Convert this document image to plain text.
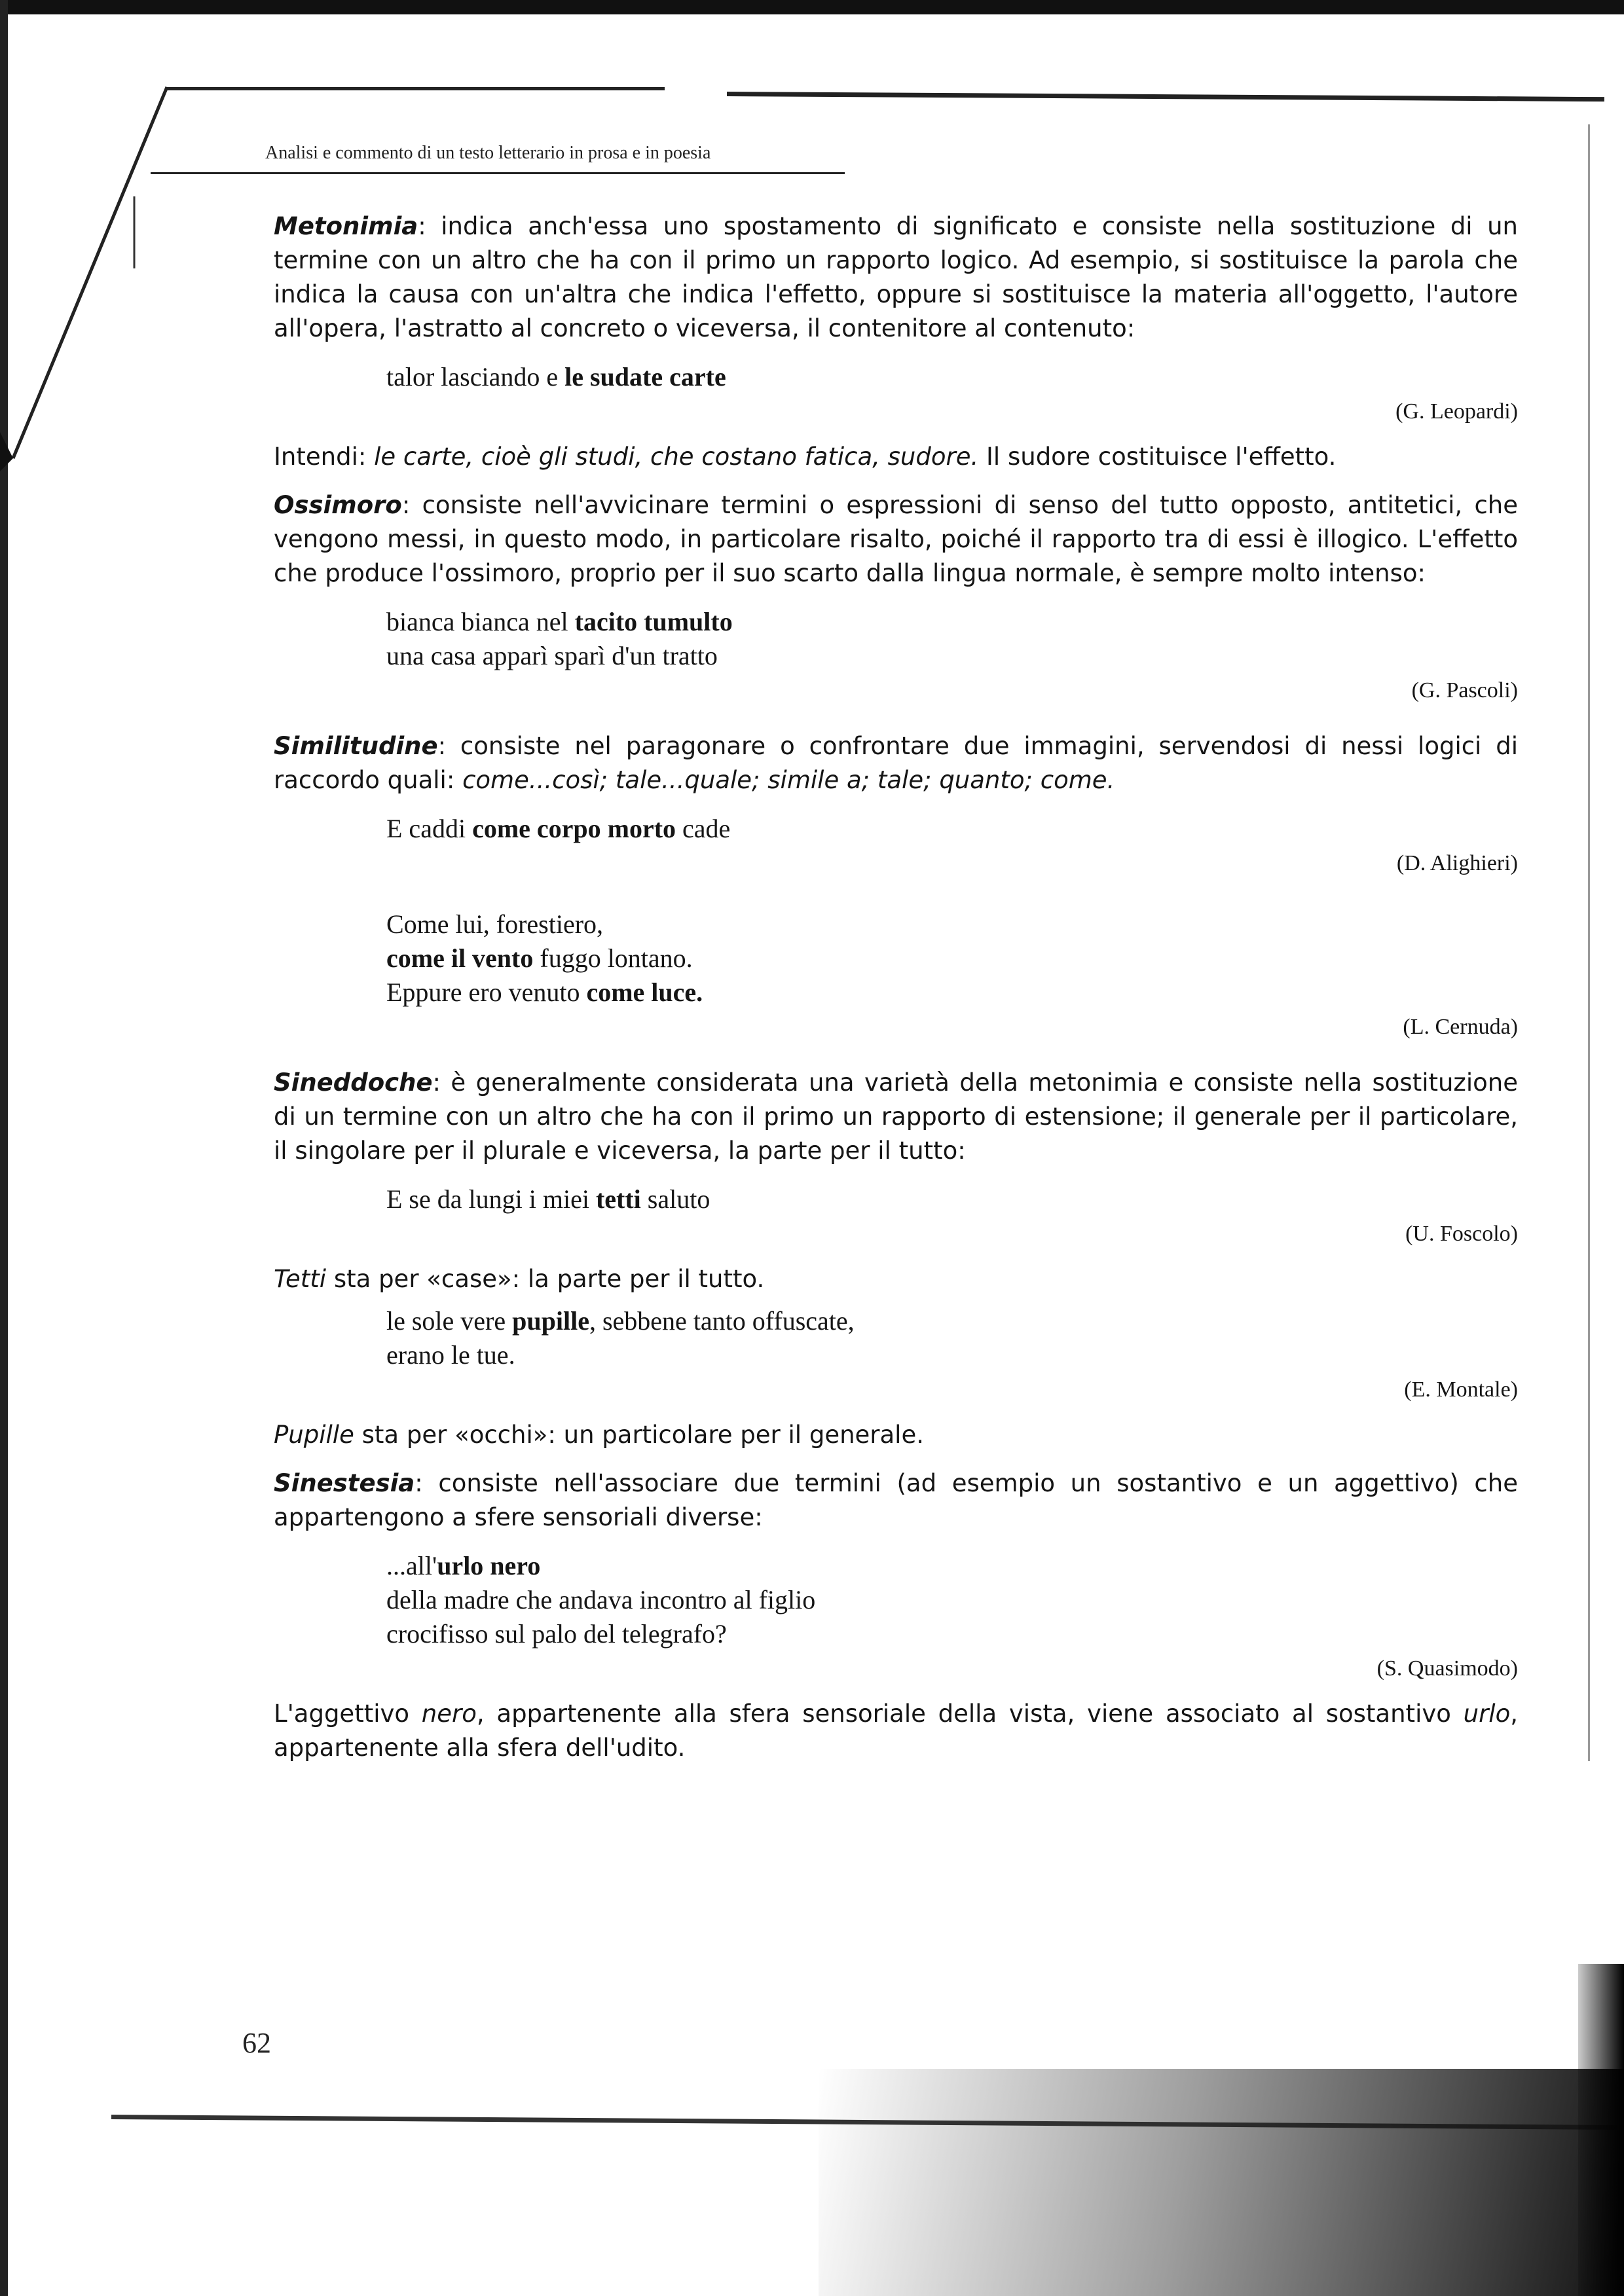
Analisi e commento di un testo letterario in prosa e in poesia

Metonimia: indica anch'essa uno spostamento di significato e consiste nella sostituzione di un termine con un altro che ha con il primo un rapporto logico. Ad esempio, si sostituisce la parola che indica la causa con un'altra che indica l'effetto, oppure si sostituisce la materia all'oggetto, l'autore all'opera, l'astratto al concreto o viceversa, il contenitore al contenuto:

talor lasciando e le sudate carte
(G. Leopardi)

Intendi: le carte, cioè gli studi, che costano fatica, sudore. Il sudore costituisce l'effetto.

Ossimoro: consiste nell'avvicinare termini o espressioni di senso del tutto opposto, antitetici, che vengono messi, in questo modo, in particolare risalto, poiché il rapporto tra di essi è illogico. L'effetto che produce l'ossimoro, proprio per il suo scarto dalla lingua normale, è sempre molto intenso:

bianca bianca nel tacito tumulto
una casa apparì sparì d'un tratto
(G. Pascoli)

Similitudine: consiste nel paragonare o confrontare due immagini, servendosi di nessi logici di raccordo quali: come...così; tale...quale; simile a; tale; quanto; come.

E caddi come corpo morto cade
(D. Alighieri)
Come lui, forestiero,
come il vento fuggo lontano.
Eppure ero venuto come luce.
(L. Cernuda)

Sineddoche: è generalmente considerata una varietà della metonimia e consiste nella sostituzione di un termine con un altro che ha con il primo un rapporto di estensione; il generale per il particolare, il singolare per il plurale e viceversa, la parte per il tutto:

E se da lungi i miei tetti saluto
(U. Foscolo)

Tetti sta per «case»: la parte per il tutto.

le sole vere pupille, sebbene tanto offuscate,
erano le tue.
(E. Montale)

Pupille sta per «occhi»: un particolare per il generale.

Sinestesia: consiste nell'associare due termini (ad esempio un sostantivo e un aggettivo) che appartengono a sfere sensoriali diverse:

...all'urlo nero
della madre che andava incontro al figlio
crocifisso sul palo del telegrafo?
(S. Quasimodo)

L'aggettivo nero, appartenente alla sfera sensoriale della vista, viene associato al sostantivo urlo, appartenente alla sfera dell'udito.

62
